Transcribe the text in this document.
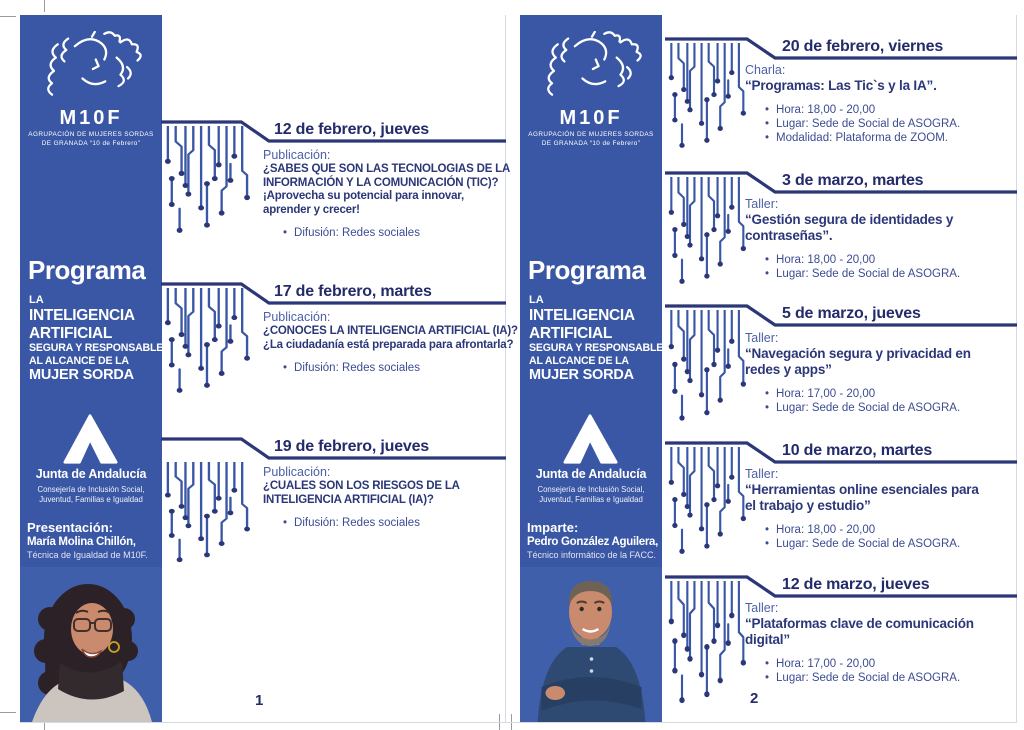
M10F
AGRUPACIÓN DE MUJERES SORDAS
DE GRANADA “10 de Febrero”
Programa
LA
INTELIGENCIA
ARTIFICIAL
SEGURA Y RESPONSABLE
AL ALCANCE DE LA
MUJER SORDA
Junta de Andalucía
Consejería de Inclusión Social,
Juventud, Familias e Igualdad
Presentación:
María Molina Chillón,
Técnica de Igualdad de M10F.
12 de febrero, jueves
Publicación:
¿SABES QUE SON LAS TECNOLOGIAS DE LA
INFORMACIÓN Y LA COMUNICACIÓN (TIC)?
¡Aprovecha su potencial para innovar,
aprender y crecer!
• Difusión: Redes sociales
17 de febrero, martes
Publicación:
¿CONOCES LA INTELIGENCIA ARTIFICIAL (IA)?
¿La ciudadanía está preparada para afrontarla?
• Difusión: Redes sociales
19 de febrero, jueves
Publicación:
¿CUALES SON LOS RIESGOS DE LA
INTELIGENCIA ARTIFICIAL (IA)?
• Difusión: Redes sociales
1
M10F
AGRUPACIÓN DE MUJERES SORDAS
DE GRANADA “10 de Febrero”
Programa
LA
INTELIGENCIA
ARTIFICIAL
SEGURA Y RESPONSABLE
AL ALCANCE DE LA
MUJER SORDA
Junta de Andalucía
Consejería de Inclusión Social,
Juventud, Familias e Igualdad
Imparte:
Pedro González Aguilera,
Técnico informático de la FACC.
20 de febrero, viernes
Charla:
“Programas: Las Tic`s y la IA”.
• Hora: 18,00 - 20,00
• Lugar: Sede de Social de ASOGRA.
• Modalidad: Plataforma de ZOOM.
3 de marzo, martes
Taller:
“Gestión segura de identidades y
contraseñas”.
• Hora: 18,00 - 20,00
• Lugar: Sede de Social de ASOGRA.
5 de marzo, jueves
Taller:
“Navegación segura y privacidad en
redes y apps”
• Hora: 17,00 - 20,00
• Lugar: Sede de Social de ASOGRA.
10 de marzo, martes
Taller:
“Herramientas online esenciales para
el trabajo y estudio”
• Hora: 18,00 - 20,00
• Lugar: Sede de Social de ASOGRA.
12 de marzo, jueves
Taller:
“Plataformas clave de comunicación
digital”
• Hora: 17,00 - 20,00
• Lugar: Sede de Social de ASOGRA.
2
